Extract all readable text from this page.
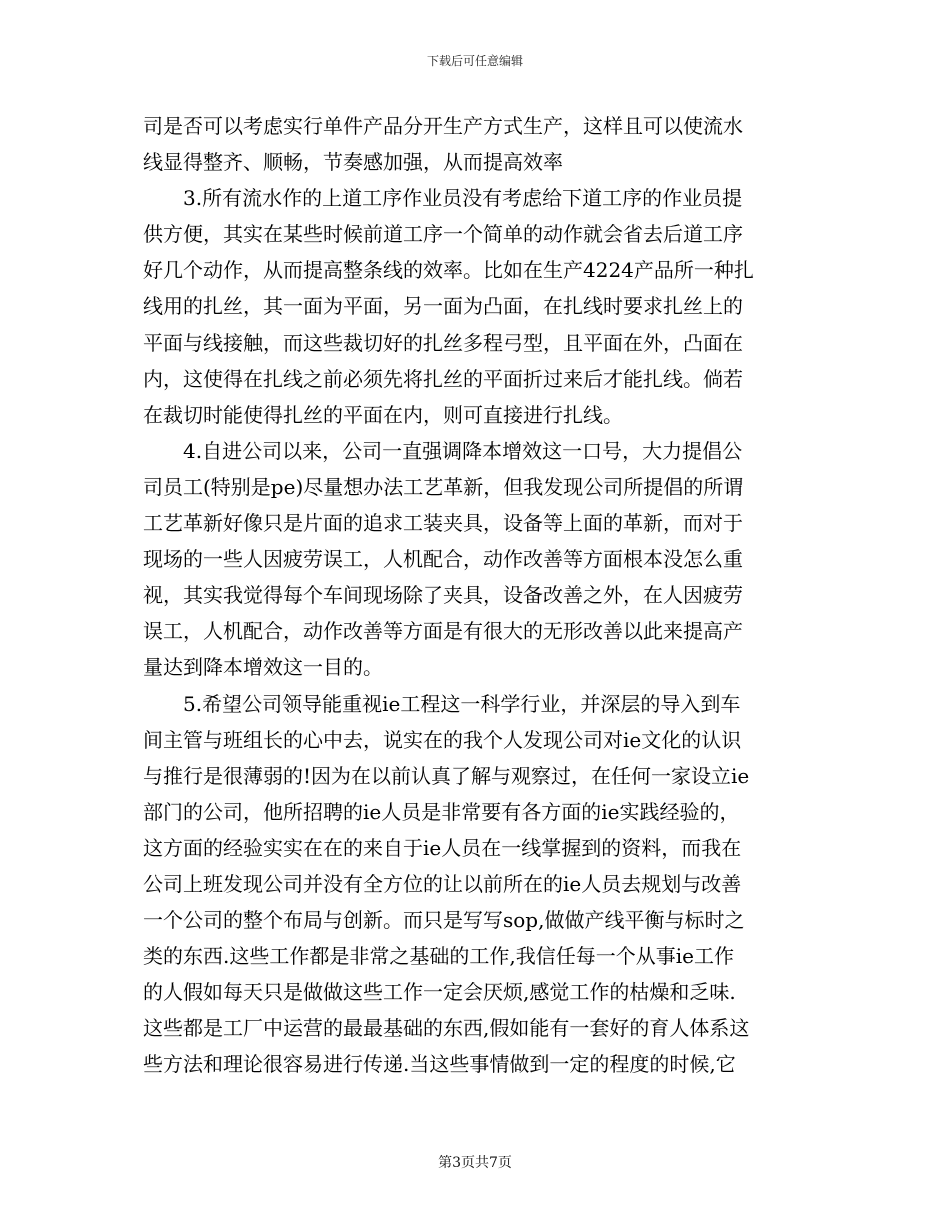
下载后可任意编辑
司是否可以考虑实行单件产品分开生产方式生产，这样且可以使流水
线显得整齐、顺畅，节奏感加强，从而提高效率
3.所有流水作的上道工序作业员没有考虑给下道工序的作业员提
供方便，其实在某些时候前道工序一个简单的动作就会省去后道工序
好几个动作，从而提高整条线的效率。比如在生产4224产品所一种扎
线用的扎丝，其一面为平面，另一面为凸面，在扎线时要求扎丝上的
平面与线接触，而这些裁切好的扎丝多程弓型，且平面在外，凸面在
内，这使得在扎线之前必须先将扎丝的平面折过来后才能扎线。倘若
在裁切时能使得扎丝的平面在内，则可直接进行扎线。
4.自进公司以来，公司一直强调降本增效这一口号，大力提倡公
司员工(特别是pe)尽量想办法工艺革新，但我发现公司所提倡的所谓
工艺革新好像只是片面的追求工装夹具，设备等上面的革新，而对于
现场的一些人因疲劳误工，人机配合，动作改善等方面根本没怎么重
视，其实我觉得每个车间现场除了夹具，设备改善之外，在人因疲劳
误工，人机配合，动作改善等方面是有很大的无形改善以此来提高产
量达到降本增效这一目的。
5.希望公司领导能重视ie工程这一科学行业，并深层的导入到车
间主管与班组长的心中去，说实在的我个人发现公司对ie文化的认识
与推行是很薄弱的!因为在以前认真了解与观察过，在任何一家设立ie
部门的公司，他所招聘的ie人员是非常要有各方面的ie实践经验的，
这方面的经验实实在在的来自于ie人员在一线掌握到的资料，而我在
公司上班发现公司并没有全方位的让以前所在的ie人员去规划与改善
一个公司的整个布局与创新。而只是写写sop,做做产线平衡与标时之
类的东西.这些工作都是非常之基础的工作,我信任每一个从事ie工作
的人假如每天只是做做这些工作一定会厌烦,感觉工作的枯燥和乏味.
这些都是工厂中运营的最最基础的东西,假如能有一套好的育人体系这
些方法和理论很容易进行传递.当这些事情做到一定的程度的时候,它
第3页共7页
